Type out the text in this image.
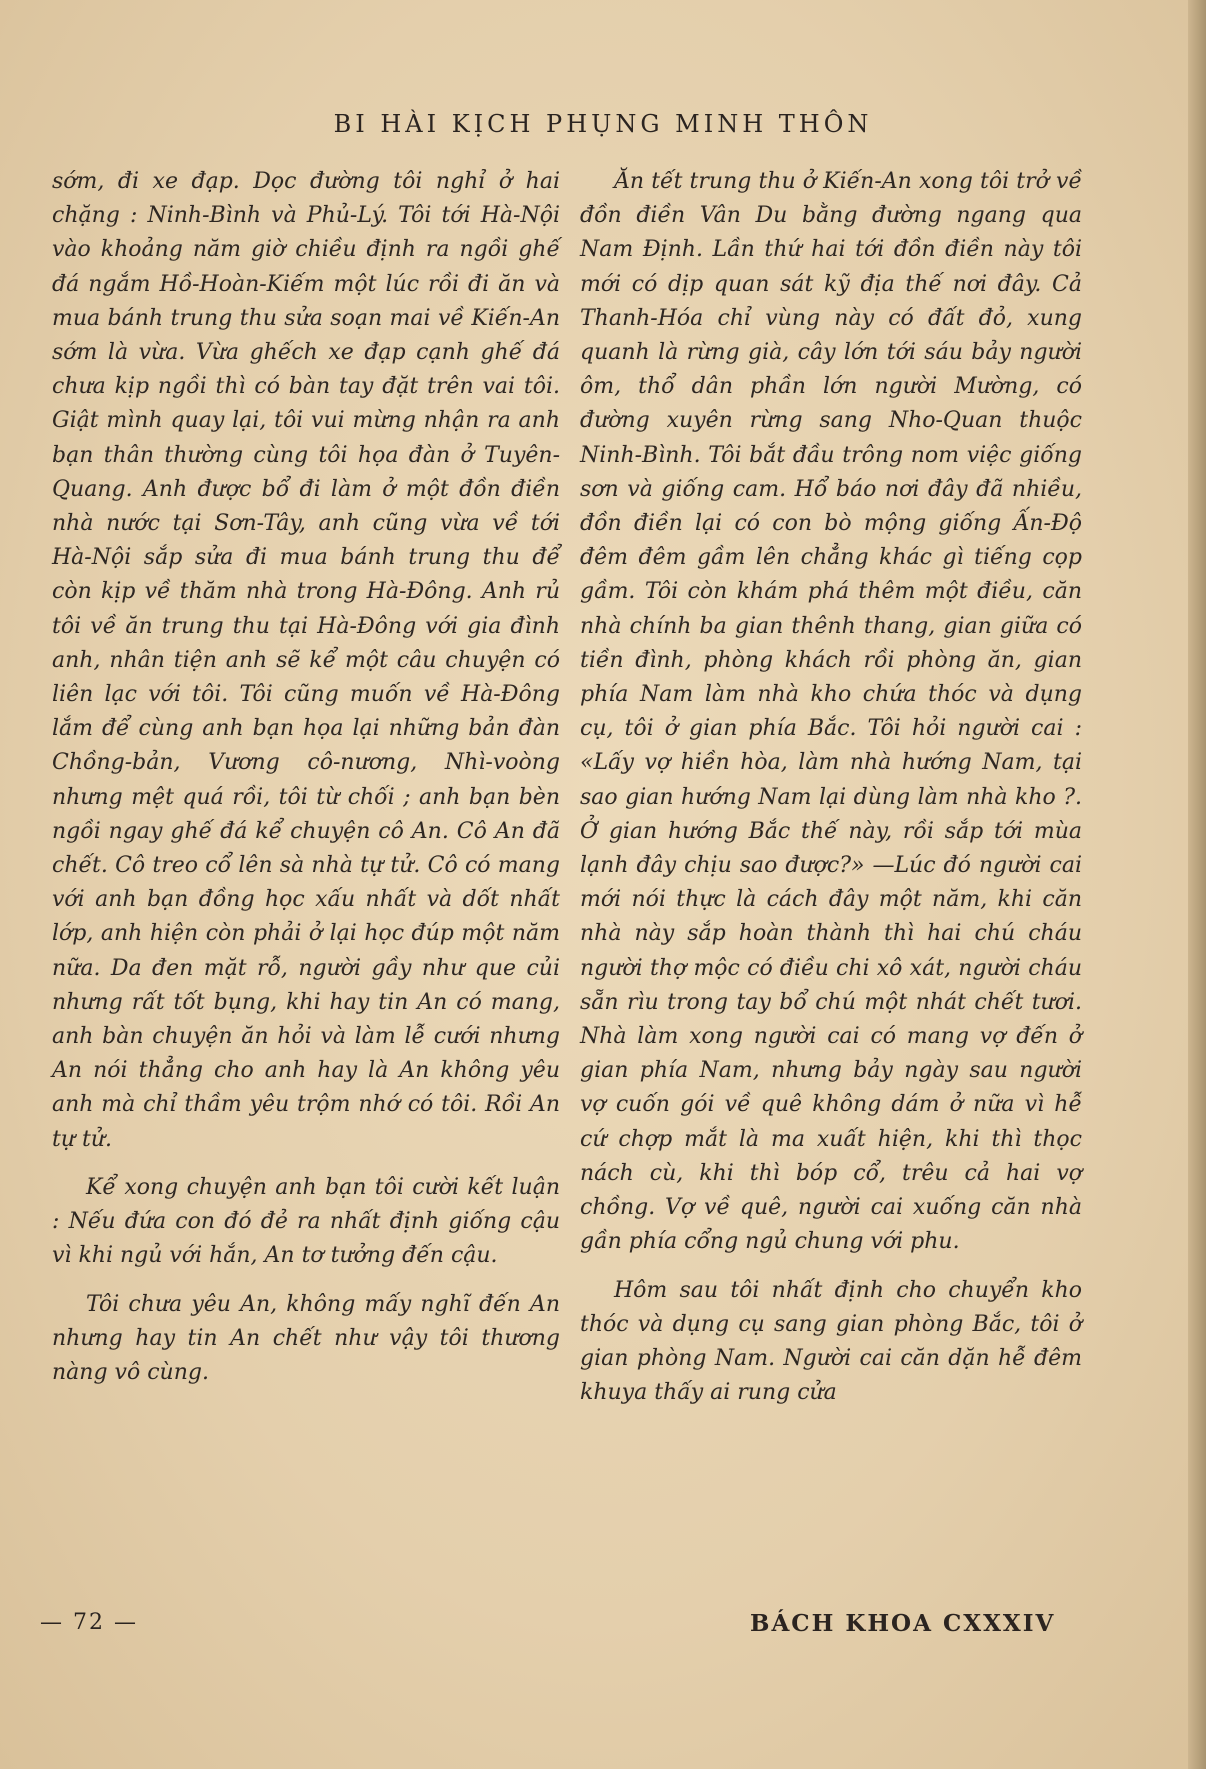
BI HÀI KỊCH PHỤNG MINH THÔN

sớm, đi xe đạp. Dọc đường tôi nghỉ ở hai chặng : Ninh-Bình và Phủ-Lý. Tôi tới Hà-Nội vào khoảng năm giờ chiều định ra ngồi ghế đá ngắm Hồ-Hoàn-Kiếm một lúc rồi đi ăn và mua bánh trung thu sửa soạn mai về Kiến-An sớm là vừa. Vừa ghếch xe đạp cạnh ghế đá chưa kịp ngồi thì có bàn tay đặt trên vai tôi. Giật mình quay lại, tôi vui mừng nhận ra anh bạn thân thường cùng tôi họa đàn ở Tuyên-Quang. Anh được bổ đi làm ở một đồn điền nhà nước tại Sơn-Tây, anh cũng vừa về tới Hà-Nội sắp sửa đi mua bánh trung thu để còn kịp về thăm nhà trong Hà-Đông. Anh rủ tôi về ăn trung thu tại Hà-Đông với gia đình anh, nhân tiện anh sẽ kể một câu chuyện có liên lạc với tôi. Tôi cũng muốn về Hà-Đông lắm để cùng anh bạn họa lại những bản đàn Chồng-bản, Vương cô-nương, Nhì-voòng nhưng mệt quá rồi, tôi từ chối ; anh bạn bèn ngồi ngay ghế đá kể chuyện cô An. Cô An đã chết. Cô treo cổ lên sà nhà tự tử. Cô có mang với anh bạn đồng học xấu nhất và dốt nhất lớp, anh hiện còn phải ở lại học đúp một năm nữa. Da đen mặt rỗ, người gầy như que củi nhưng rất tốt bụng, khi hay tin An có mang, anh bàn chuyện ăn hỏi và làm lễ cưới nhưng An nói thẳng cho anh hay là An không yêu anh mà chỉ thầm yêu trộm nhớ có tôi. Rồi An tự tử.

Kể xong chuyện anh bạn tôi cười kết luận : Nếu đứa con đó đẻ ra nhất định giống cậu vì khi ngủ với hắn, An tơ tưởng đến cậu.

Tôi chưa yêu An, không mấy nghĩ đến An nhưng hay tin An chết như vậy tôi thương nàng vô cùng.

Ăn tết trung thu ở Kiến-An xong tôi trở về đồn điền Vân Du bằng đường ngang qua Nam Định. Lần thứ hai tới đồn điền này tôi mới có dịp quan sát kỹ địa thế nơi đây. Cả Thanh-Hóa chỉ vùng này có đất đỏ, xung quanh là rừng già, cây lớn tới sáu bảy người ôm, thổ dân phần lớn người Mường, có đường xuyên rừng sang Nho-Quan thuộc Ninh-Bình. Tôi bắt đầu trông nom việc giống sơn và giống cam. Hổ báo nơi đây đã nhiều, đồn điền lại có con bò mộng giống Ấn-Độ đêm đêm gầm lên chẳng khác gì tiếng cọp gầm. Tôi còn khám phá thêm một điều, căn nhà chính ba gian thênh thang, gian giữa có tiền đình, phòng khách rồi phòng ăn, gian phía Nam làm nhà kho chứa thóc và dụng cụ, tôi ở gian phía Bắc. Tôi hỏi người cai : «Lấy vợ hiền hòa, làm nhà hướng Nam, tại sao gian hướng Nam lại dùng làm nhà kho ?. Ở gian hướng Bắc thế này, rồi sắp tới mùa lạnh đây chịu sao được?» —Lúc đó người cai mới nói thực là cách đây một năm, khi căn nhà này sắp hoàn thành thì hai chú cháu người thợ mộc có điều chi xô xát, người cháu sẵn rìu trong tay bổ chú một nhát chết tươi. Nhà làm xong người cai có mang vợ đến ở gian phía Nam, nhưng bảy ngày sau người vợ cuốn gói về quê không dám ở nữa vì hễ cứ chợp mắt là ma xuất hiện, khi thì thọc nách cù, khi thì bóp cổ, trêu cả hai vợ chồng. Vợ về quê, người cai xuống căn nhà gần phía cổng ngủ chung với phu.

Hôm sau tôi nhất định cho chuyển kho thóc và dụng cụ sang gian phòng Bắc, tôi ở gian phòng Nam. Người cai căn dặn hễ đêm khuya thấy ai rung cửa

— 72 —	BÁCH KHOA CXXXIV
